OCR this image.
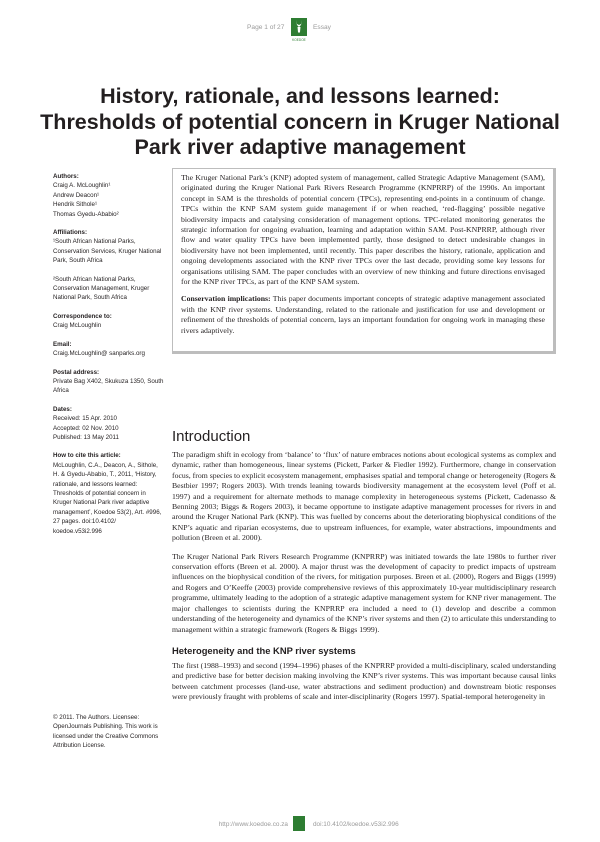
Page 1 of 27
KOEDOE
Essay
History, rationale, and lessons learned: Thresholds of potential concern in Kruger National Park river adaptive management
Authors:
Craig A. McLoughlin¹
Andrew Deacon¹
Hendrik Sithole¹
Thomas Gyedu-Ababio²
Affiliations:
¹South African National Parks, Conservation Services, Kruger National Park, South Africa
²South African National Parks, Conservation Management, Kruger National Park, South Africa
Correspondence to:
Craig McLoughlin
Email:
Craig.McLoughlin@ sanparks.org
Postal address:
Private Bag X402, Skukuza 1350, South Africa
Dates:
Received: 15 Apr. 2010
Accepted: 02 Nov. 2010
Published: 13 May 2011
How to cite this article:
McLoughlin, C.A., Deacon, A., Sithole, H. & Gyedu-Ababio, T., 2011, ‘History, rationale, and lessons learned: Thresholds of potential concern in Kruger National Park river adaptive management’, Koedoe 53(2), Art. #996, 27 pages. doi:10.4102/ koedoe.v53i2.996
© 2011. The Authors. Licensee: OpenJournals Publishing. This work is licensed under the Creative Commons Attribution License.

The Kruger National Park’s (KNP) adopted system of management, called Strategic Adaptive Management (SAM), originated during the Kruger National Park Rivers Research Programme (KNPRRP) of the 1990s. An important concept in SAM is the thresholds of potential concern (TPCs), representing end-points in a continuum of change. TPCs within the KNP SAM system guide management if or when reached, ‘red-flagging’ possible negative biodiversity impacts and catalysing consideration of management options. TPC-related monitoring generates the strategic information for ongoing evaluation, learning and adaptation within SAM. Post-KNPRRP, although river flow and water quality TPCs have been implemented partly, those designed to detect undesirable changes in biodiversity have not been implemented, until recently. This paper describes the history, rationale, application and ongoing developments associated with the KNP river TPCs over the last decade, providing some key lessons for organisations utilising SAM. The paper concludes with an overview of new thinking and future directions envisaged for the KNP river TPCs, as part of the KNP SAM system.

Conservation implications: This paper documents important concepts of strategic adaptive management associated with the KNP river systems. Understanding, related to the rationale and justification for use and development or refinement of the thresholds of potential concern, lays an important foundation for ongoing work in managing these rivers adaptively.

Introduction

The paradigm shift in ecology from ‘balance’ to ‘flux’ of nature embraces notions about ecological systems as complex and dynamic, rather than homogeneous, linear systems (Pickett, Parker & Fiedler 1992). Furthermore, change in conservation focus, from species to explicit ecosystem management, emphasises spatial and temporal change or heterogeneity (Rogers & Bestbier 1997; Rogers 2003). With trends leaning towards biodiversity management at the ecosystem level (Poff et al. 1997) and a requirement for alternate methods to manage complexity in heterogeneous systems (Pickett, Cadenasso & Benning 2003; Biggs & Rogers 2003), it became opportune to instigate adaptive management processes for rivers in and around the Kruger National Park (KNP). This was fuelled by concerns about the deteriorating biophysical conditions of the KNP’s aquatic and riparian ecosystems, due to upstream influences, for example, water abstractions, impoundments and pollution (Breen et al. 2000).

The Kruger National Park Rivers Research Programme (KNPRRP) was initiated towards the late 1980s to further river conservation efforts (Breen et al. 2000). A major thrust was the development of capacity to predict impacts of upstream influences on the biophysical condition of the rivers, for mitigation purposes. Breen et al. (2000), Rogers and Biggs (1999) and Rogers and O’Keeffe (2003) provide comprehensive reviews of this approximately 10-year multidisciplinary research programme, ultimately leading to the adoption of a strategic adaptive management system for KNP river management. The major challenges to scientists during the KNPRRP era included a need to (1) develop and describe a common understanding of the heterogeneity and dynamics of the KNP’s river systems and then (2) to articulate this understanding to management within a strategic framework (Rogers & Biggs 1999).

Heterogeneity and the KNP river systems

The first (1988–1993) and second (1994–1996) phases of the KNPRRP provided a multi-disciplinary, scaled understanding and predictive base for better decision making involving the KNP’s river systems. This was important because causal links between catchment processes (land-use, water abstractions and sediment production) and downstream biotic responses were previously fraught with problems of scale and inter-disciplinarity (Rogers 1997). Spatial-temporal heterogeneity in

http://www.koedoe.co.za	doi:10.4102/koedoe.v53i2.996
